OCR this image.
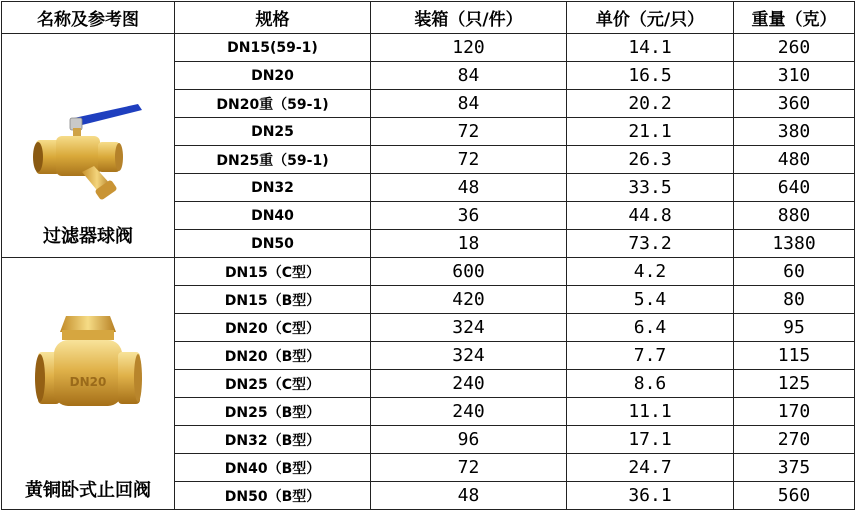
名称及参考图	规格	装箱（只/件）	单价（元/只）	重量（克）

过滤器球阀	DN15(59-1)	120	14.1	260
	DN20	84	16.5	310
	DN20重（59-1)	84	20.2	360
	DN25	72	21.1	380
	DN25重（59-1)	72	26.3	480
	DN32	48	33.5	640
	DN40	36	44.8	880
	DN50	18	73.2	1380

DN20
黄铜卧式止回阀	DN15（C型）	600	4.2	60
	DN15（B型）	420	5.4	80
	DN20（C型）	324	6.4	95
	DN20（B型）	324	7.7	115
	DN25（C型）	240	8.6	125
	DN25（B型）	240	11.1	170
	DN32（B型）	96	17.1	270
	DN40（B型）	72	24.7	375
	DN50（B型）	48	36.1	560
